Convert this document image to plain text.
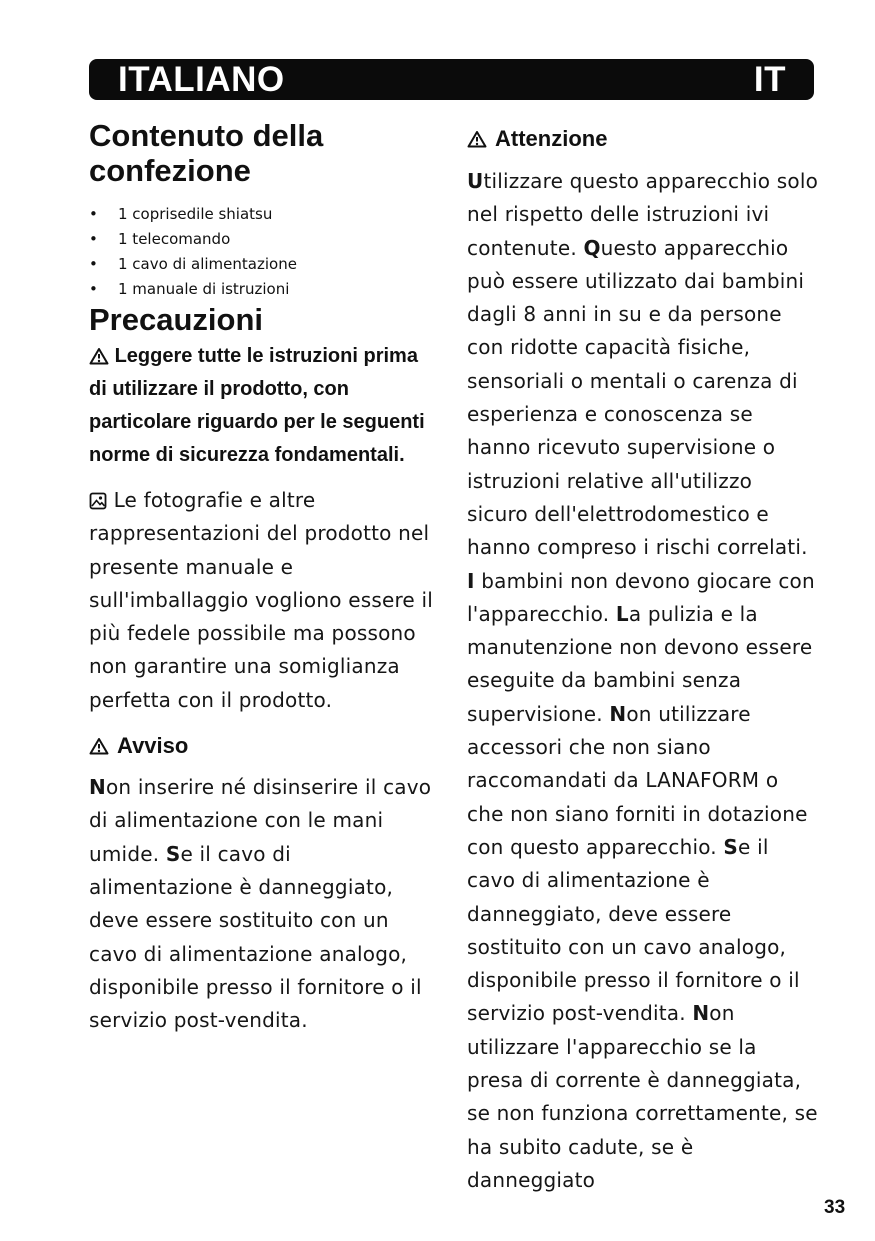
ITALIANO	IT
Contenuto della confezione
• 1 coprisedile shiatsu
• 1 telecomando
• 1 cavo di alimentazione
• 1 manuale di istruzioni
Precauzioni

Leggere tutte le istruzioni prima di utilizzare il prodotto, con particolare riguardo per le seguenti norme di sicurezza fondamentali.

Le fotografie e altre rappresentazioni del prodotto nel presente manuale e sull'imballaggio vogliono essere il più fedele possibile ma possono non garantire una somiglianza perfetta con il prodotto.

Avviso

Non inserire né disinserire il cavo di alimentazione con le mani umide. Se il cavo di alimentazione è danneggiato, deve essere sostituito con un cavo di alimentazione analogo, disponibile presso il fornitore o il servizio post-vendita.

Attenzione

Utilizzare questo apparecchio solo nel rispetto delle istruzioni ivi contenute. Questo apparecchio può essere utilizzato dai bambini dagli 8 anni in su e da persone con ridotte capacità fisiche, sensoriali o mentali o carenza di esperienza e conoscenza se hanno ricevuto supervisione o istruzioni relative all'utilizzo sicuro dell'elettrodomestico e hanno compreso i rischi correlati. I bambini non devono giocare con l'apparecchio. La pulizia e la manutenzione non devono essere eseguite da bambini senza supervisione. Non utilizzare accessori che non siano raccomandati da LANAFORM o che non siano forniti in dotazione con questo apparecchio. Se il cavo di alimentazione è danneggiato, deve essere sostituito con un cavo analogo, disponibile presso il fornitore o il servizio post-vendita. Non utilizzare l'apparecchio se la presa di corrente è danneggiata, se non funziona correttamente, se ha subito cadute, se è danneggiato

33
